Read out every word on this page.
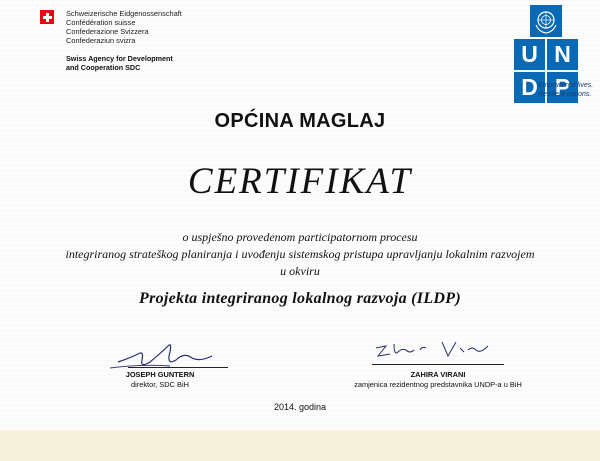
Schweizerische Eidgenossenschaft
Confédération suisse
Confederazione Svizzera
Confederaziun svizra
Swiss Agency for Development
and Cooperation SDC	U N
D P
Empowered lives.
Resilient nations.
OPĆINA MAGLAJ
CERTIFIKAT
o uspješno provedenom participatornom procesu
integriranog strateškog planiranja i uvođenju sistemskog pristupa upravljanju lokalnim razvojem
u okviru
Projekta integriranog lokalnog razvoja (ILDP)
JOSEPH GUNTERN
direktor, SDC BiH
ZAHIRA VIRANI
zamjenica rezidentnog predstavnika UNDP-a u BiH
2014. godina
